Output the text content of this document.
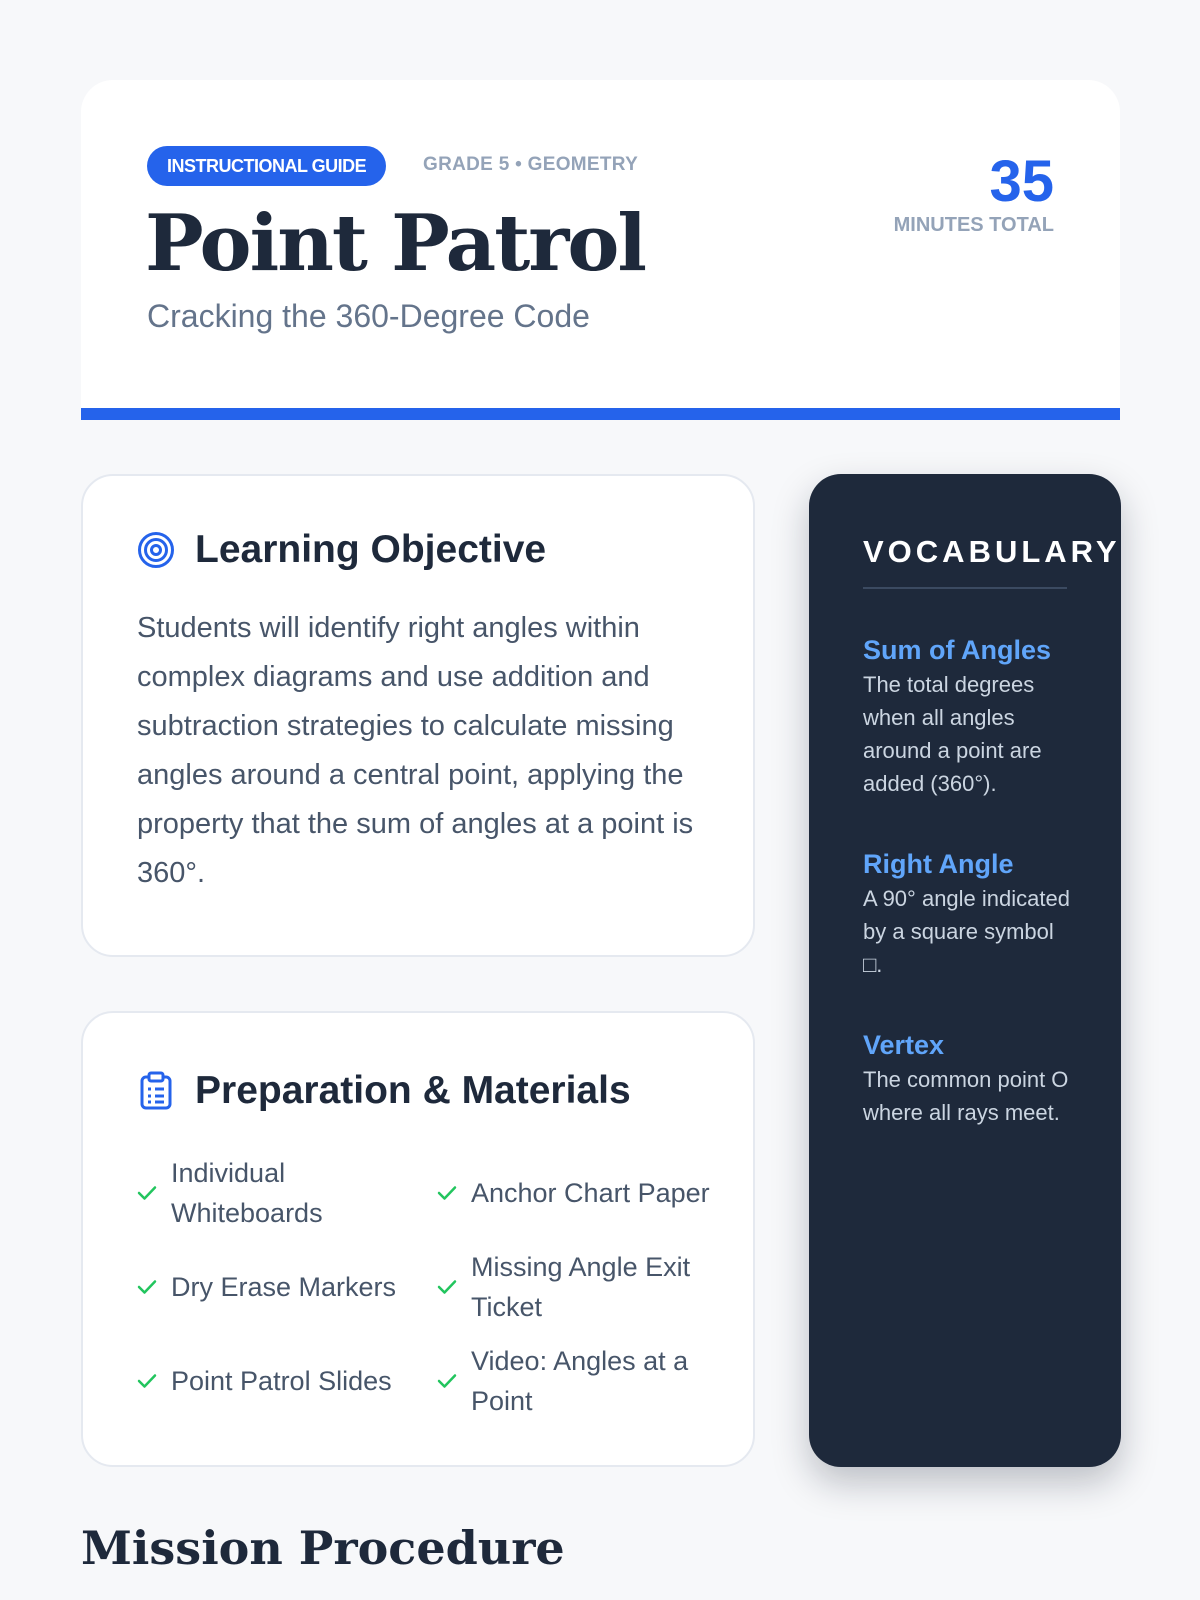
INSTRUCTIONAL GUIDE	GRADE 5 • GEOMETRY
Point Patrol

Cracking the 360-Degree Code

35
MINUTES TOTAL
Learning Objective

Students will identify right angles within complex diagrams and use addition and subtraction strategies to calculate missing angles around a central point, applying the property that the sum of angles at a point is 360°.

Preparation & Materials
Individual Whiteboards
Anchor Chart Paper
Dry Erase Markers
Missing Angle Exit Ticket
Point Patrol Slides
Video: Angles at a Point
VOCABULARY
Sum of Angles
The total degrees when all angles around a point are added (360°).
Right Angle
A 90° angle indicated by a square symbol □.
Vertex
The common point O where all rays meet.
Mission Procedure
